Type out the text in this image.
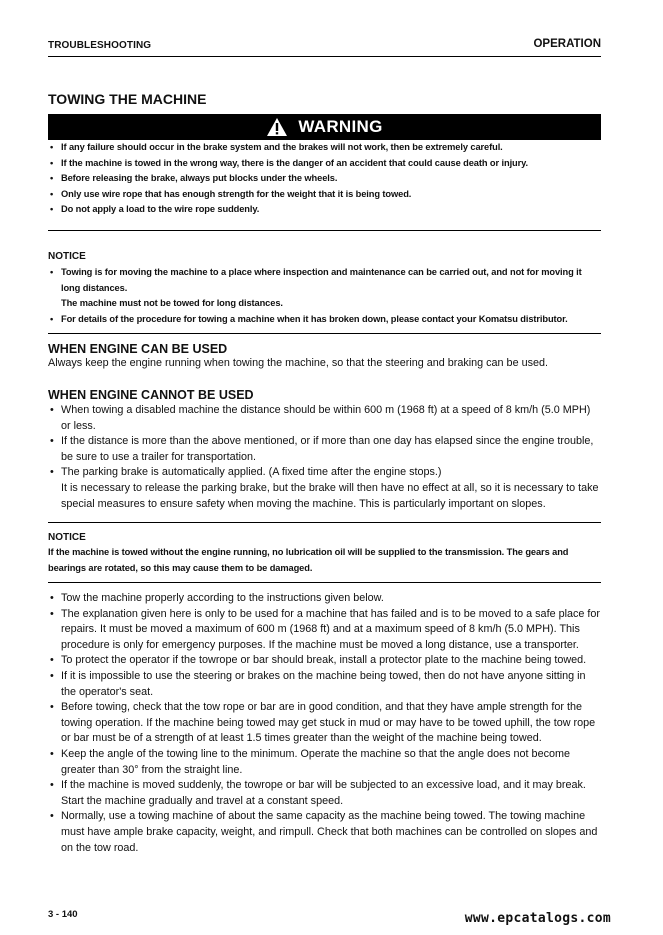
TROUBLESHOOTING	OPERATION
TOWING THE MACHINE
WARNING
• If any failure should occur in the brake system and the brakes will not work, then be extremely careful.
• If the machine is towed in the wrong way, there is the danger of an accident that could cause death or injury.
• Before releasing the brake, always put blocks under the wheels.
• Only use wire rope that has enough strength for the weight that it is being towed.
• Do not apply a load to the wire rope suddenly.
NOTICE
• Towing is for moving the machine to a place where inspection and maintenance can be carried out, and not for moving it long distances.
The machine must not be towed for long distances.
• For details of the procedure for towing a machine when it has broken down, please contact your Komatsu distributor.
WHEN ENGINE CAN BE USED
Always keep the engine running when towing the machine, so that the steering and braking can be used.
WHEN ENGINE CANNOT BE USED
• When towing a disabled machine the distance should be within 600 m (1968 ft) at a speed of 8 km/h (5.0 MPH) or less.
• If the distance is more than the above mentioned, or if more than one day has elapsed since the engine trouble, be sure to use a trailer for transportation.
• The parking brake is automatically applied. (A fixed time after the engine stops.)
It is necessary to release the parking brake, but the brake will then have no effect at all, so it is necessary to take special measures to ensure safety when moving the machine. This is particularly important on slopes.
NOTICE
If the machine is towed without the engine running, no lubrication oil will be supplied to the transmission. The gears and bearings are rotated, so this may cause them to be damaged.
• Tow the machine properly according to the instructions given below.
• The explanation given here is only to be used for a machine that has failed and is to be moved to a safe place for repairs. It must be moved a maximum of 600 m (1968 ft) and at a maximum speed of 8 km/h (5.0 MPH). This procedure is only for emergency purposes. If the machine must be moved a long distance, use a transporter.
• To protect the operator if the towrope or bar should break, install a protector plate to the machine being towed.
• If it is impossible to use the steering or brakes on the machine being towed, then do not have anyone sitting in the operator's seat.
• Before towing, check that the tow rope or bar are in good condition, and that they have ample strength for the towing operation. If the machine being towed may get stuck in mud or may have to be towed uphill, the tow rope or bar must be of a strength of at least 1.5 times greater than the weight of the machine being towed.
• Keep the angle of the towing line to the minimum. Operate the machine so that the angle does not become greater than 30° from the straight line.
• If the machine is moved suddenly, the towrope or bar will be subjected to an excessive load, and it may break. Start the machine gradually and travel at a constant speed.
• Normally, use a towing machine of about the same capacity as the machine being towed. The towing machine must have ample brake capacity, weight, and rimpull. Check that both machines can be controlled on slopes and on the tow road.
3 - 140	www.epcatalogs.com
